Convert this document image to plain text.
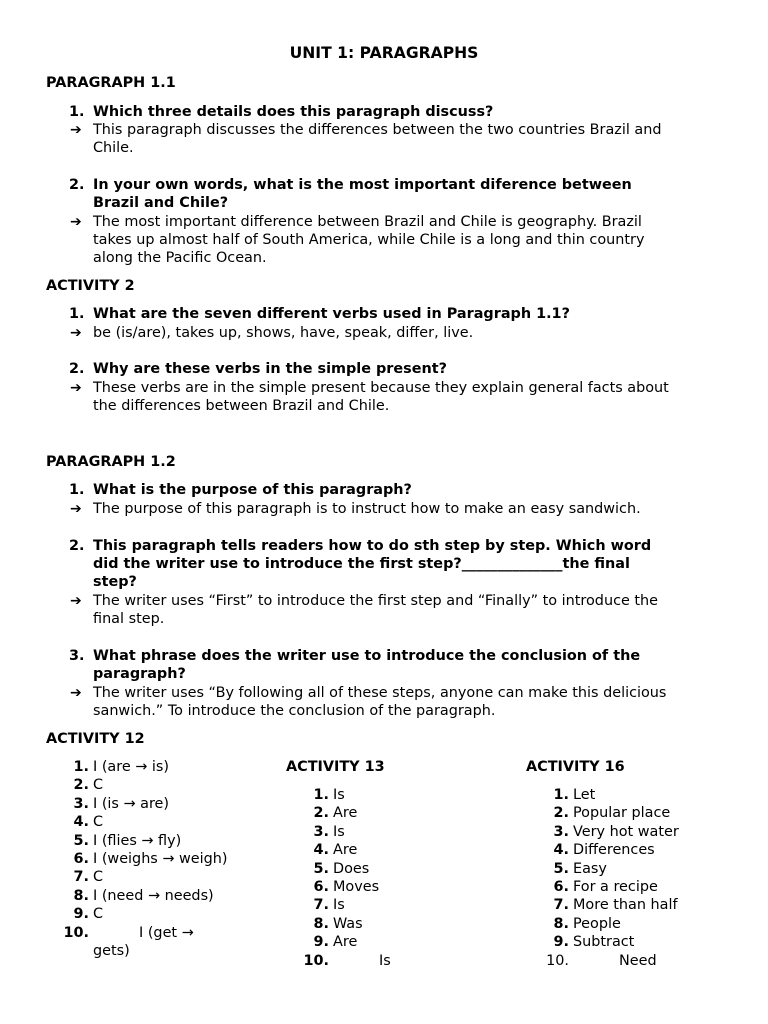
UNIT 1: PARAGRAPHS
PARAGRAPH 1.1
1. Which three details does this paragraph discuss?
➔ This paragraph discusses the differences between the two countries Brazil and
Chile.
2. In your own words, what is the most important diference between
Brazil and Chile?
➔ The most important difference between Brazil and Chile is geography. Brazil
takes up almost half of South America, while Chile is a long and thin country
along the Pacific Ocean.
ACTIVITY 2
1. What are the seven different verbs used in Paragraph 1.1?
➔ be (is/are), takes up, shows, have, speak, differ, live.
2. Why are these verbs in the simple present?
➔ These verbs are in the simple present because they explain general facts about
the differences between Brazil and Chile.
PARAGRAPH 1.2
1. What is the purpose of this paragraph?
➔ The purpose of this paragraph is to instruct how to make an easy sandwich.
2. This paragraph tells readers how to do sth step by step. Which word
did the writer use to introduce the first step?______________the final
step?
➔ The writer uses “First” to introduce the first step and “Finally” to introduce the
final step.
3. What phrase does the writer use to introduce the conclusion of the
paragraph?
➔ The writer uses “By following all of these steps, anyone can make this delicious
sanwich.” To introduce the conclusion of the paragraph.
ACTIVITY 12
1. I (are → is)
2. C
3. I (is → are)
4. C
5. I (flies → fly)
6. I (weighs → weigh)
7. C
8. I (need → needs)
9. C
10.	I (get →
gets)
ACTIVITY 13
1. Is
2. Are
3. Is
4. Are
5. Does
6. Moves
7. Is
8. Was
9. Are
10.	Is
ACTIVITY 16
1. Let
2. Popular place
3. Very hot water
4. Differences
5. Easy
6. For a recipe
7. More than half
8. People
9. Subtract
10.	Need
